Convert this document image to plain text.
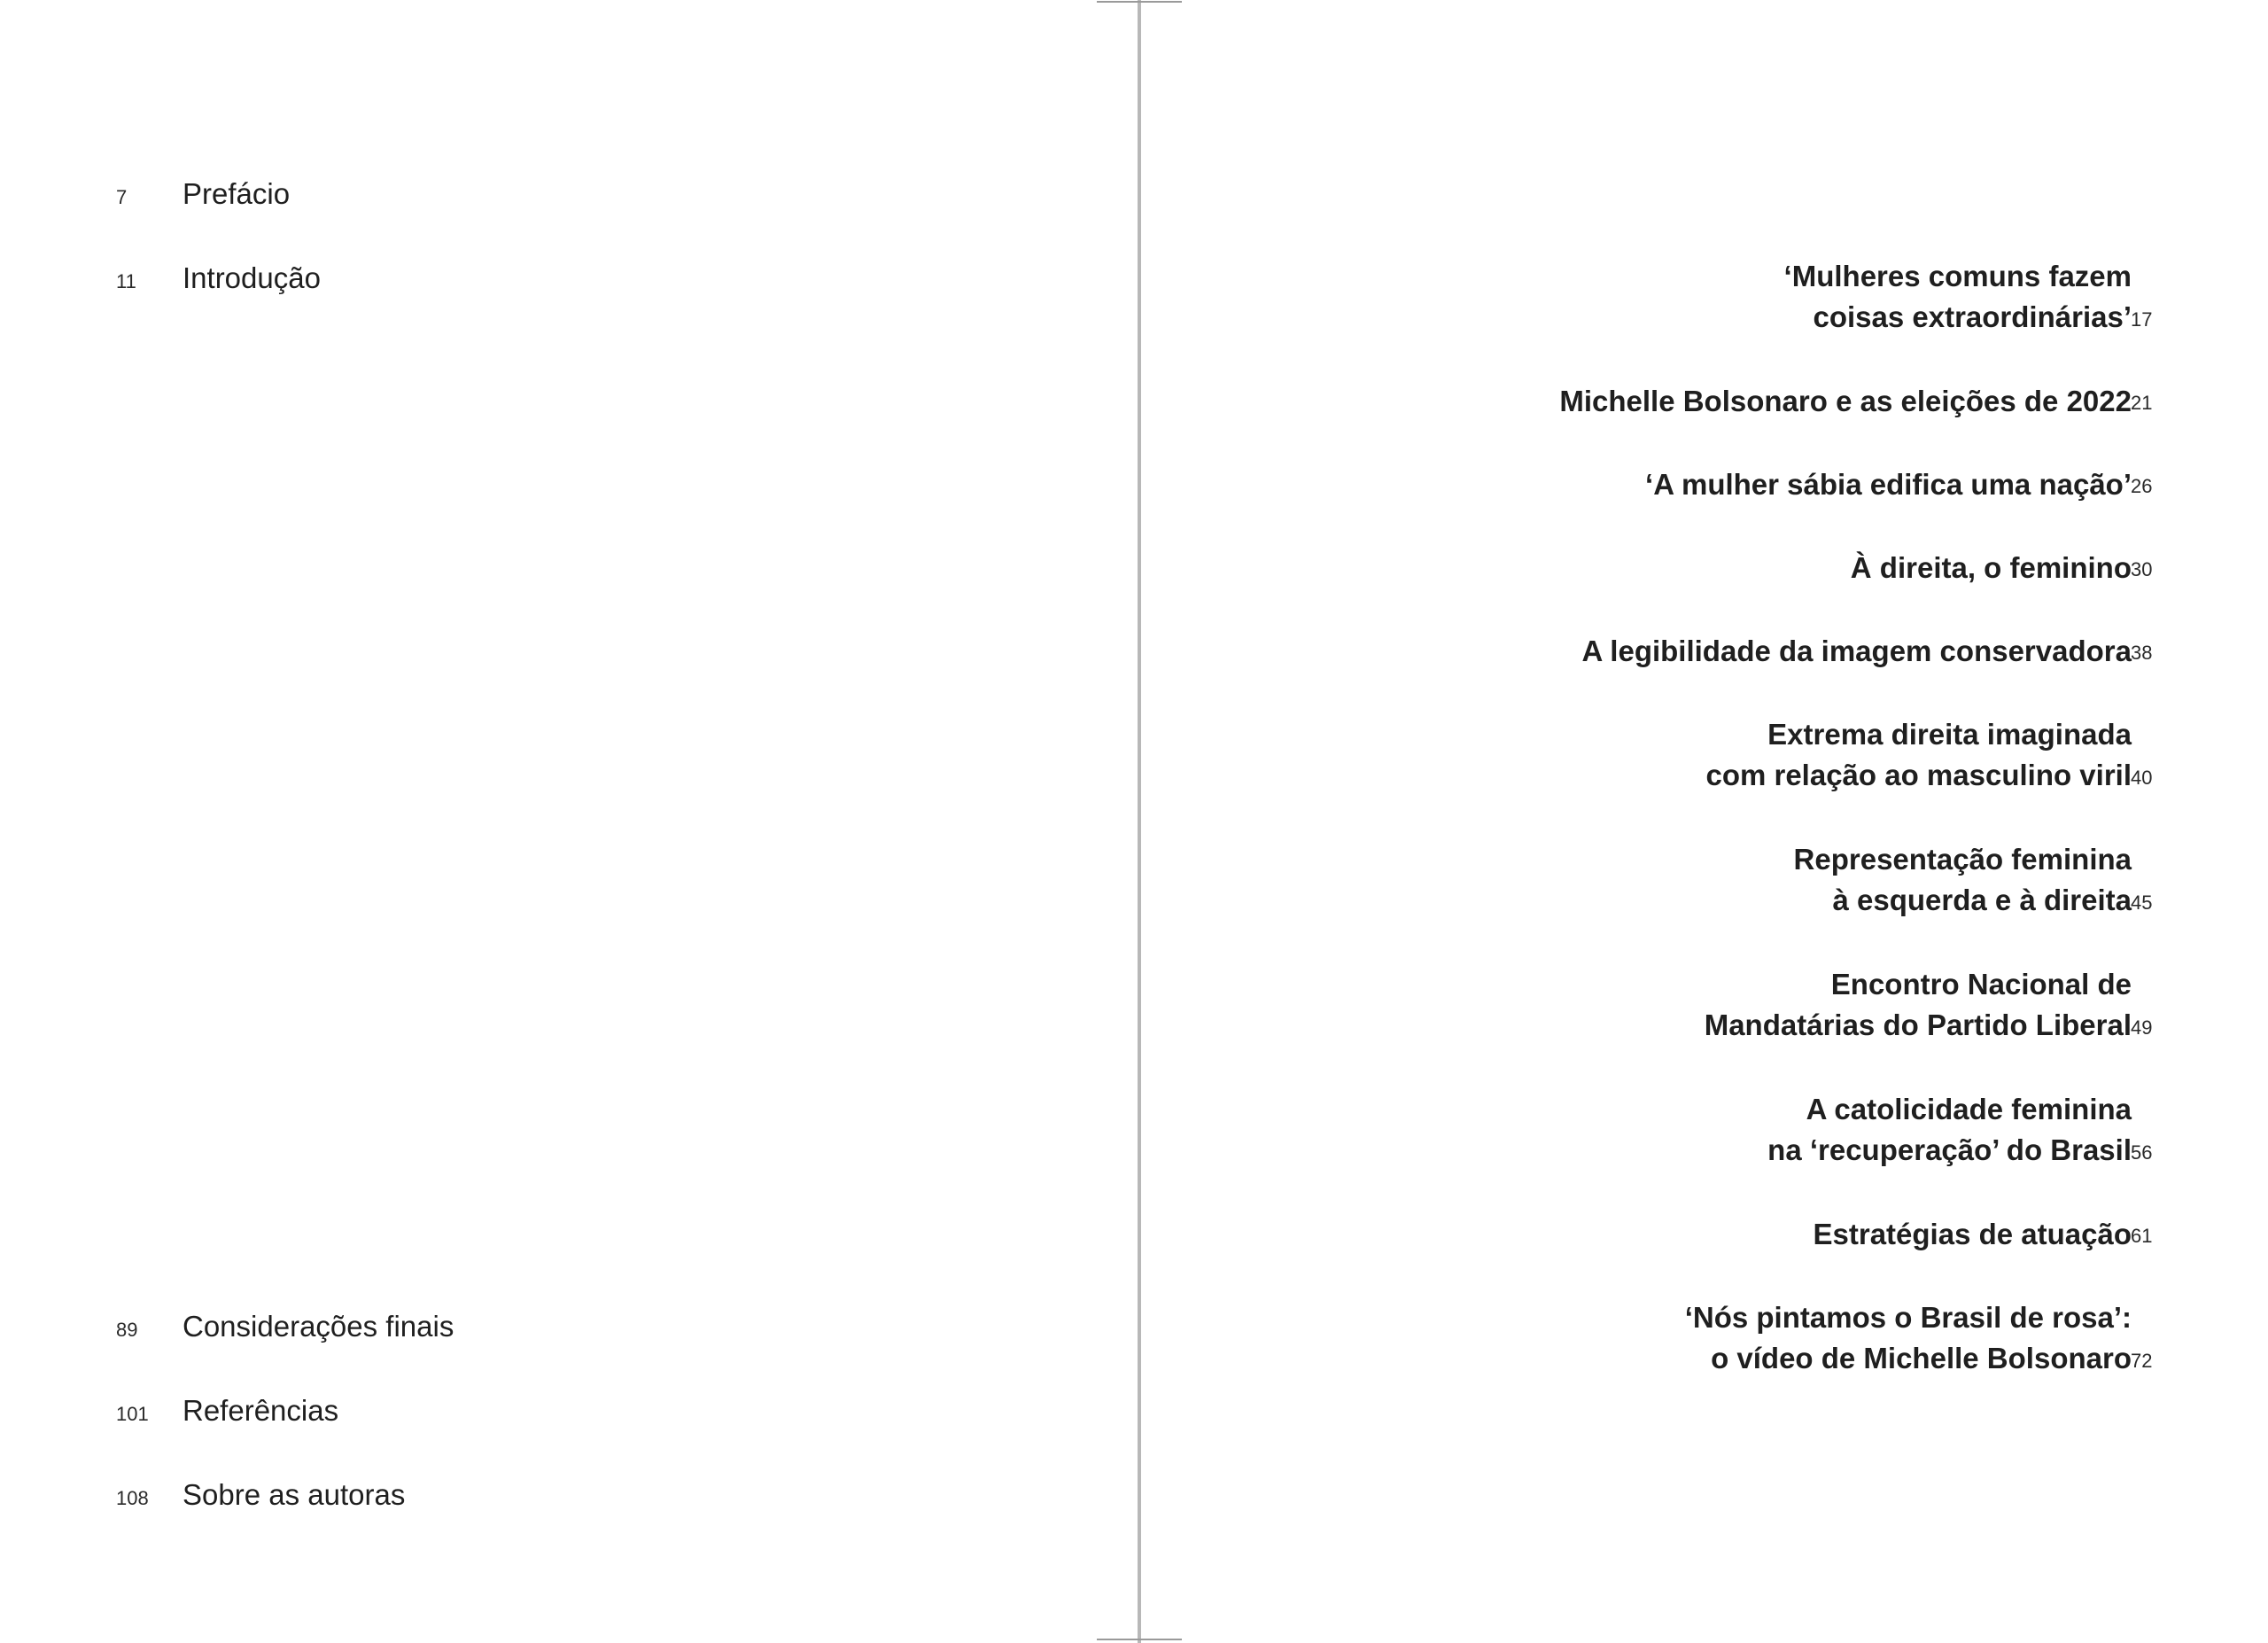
7	Prefácio
11	Introdução
89	Considerações finais
101	Referências
108	Sobre as autoras
‘Mulheres comuns fazem
coisas extraordinárias’ 17
Michelle Bolsonaro e as eleições de 2022 21
‘A mulher sábia edifica uma nação’ 26
À direita, o feminino 30
A legibilidade da imagem conservadora 38
Extrema direita imaginada
com relação ao masculino viril 40
Representação feminina
à esquerda e à direita 45
Encontro Nacional de
Mandatárias do Partido Liberal 49
A catolicidade feminina
na ‘recuperação’ do Brasil 56
Estratégias de atuação 61
‘Nós pintamos o Brasil de rosa’:
o vídeo de Michelle Bolsonaro 72
